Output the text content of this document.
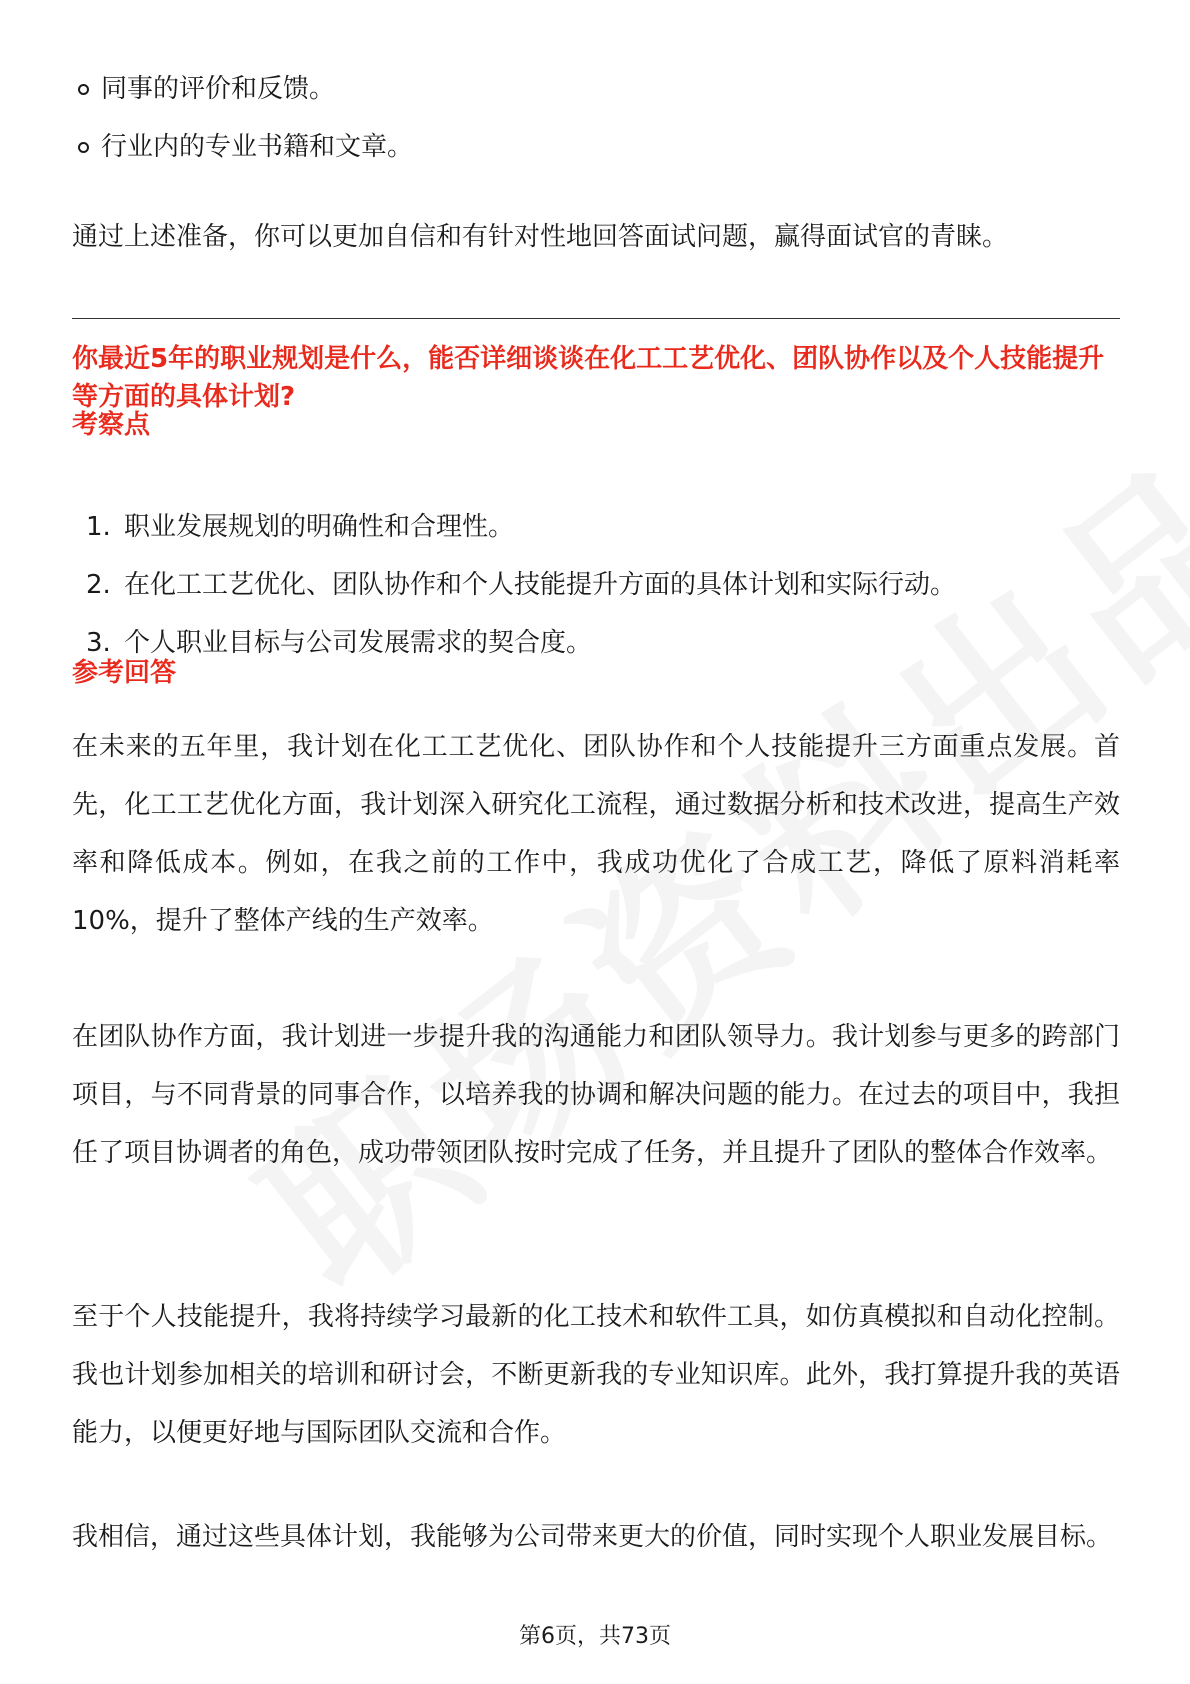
同事的评价和反馈。
行业内的专业书籍和文章。

通过上述准备，你可以更加自信和有针对性地回答面试问题，赢得面试官的青睐。

你最近5年的职业规划是什么，能否详细谈谈在化工工艺优化、团队协作以及个人技能提升等方面的具体计划?

考察点

1. 职业发展规划的明确性和合理性。
2. 在化工工艺优化、团队协作和个人技能提升方面的具体计划和实际行动。
3. 个人职业目标与公司发展需求的契合度。

参考回答

在未来的五年里，我计划在化工工艺优化、团队协作和个人技能提升三方面重点发展。首先，化工工艺优化方面，我计划深入研究化工流程，通过数据分析和技术改进，提高生产效率和降低成本。例如，在我之前的工作中，我成功优化了合成工艺，降低了原料消耗率10%，提升了整体产线的生产效率。

在团队协作方面，我计划进一步提升我的沟通能力和团队领导力。我计划参与更多的跨部门项目，与不同背景的同事合作，以培养我的协调和解决问题的能力。在过去的项目中，我担任了项目协调者的角色，成功带领团队按时完成了任务，并且提升了团队的整体合作效率。

至于个人技能提升，我将持续学习最新的化工技术和软件工具，如仿真模拟和自动化控制。我也计划参加相关的培训和研讨会，不断更新我的专业知识库。此外，我打算提升我的英语能力，以便更好地与国际团队交流和合作。

我相信，通过这些具体计划，我能够为公司带来更大的价值，同时实现个人职业发展目标。

第6页，共73页
